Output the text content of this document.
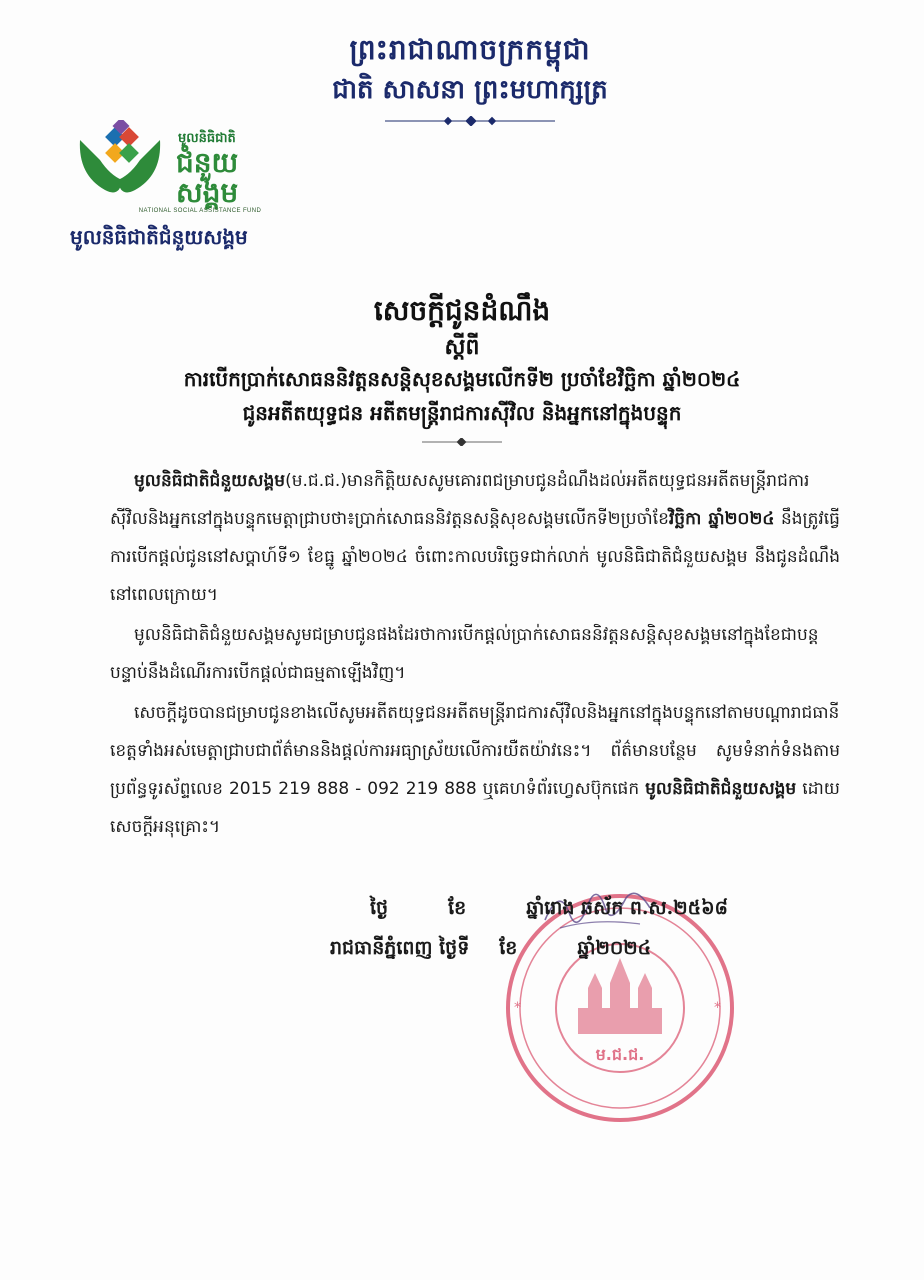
ព្រះរាជាណាចក្រកម្ពុជា
ជាតិ សាសនា ព្រះមហាក្សត្រ
មូលនិធិជាតិ
ជំនួយ
សង្គម
NATIONAL SOCIAL ASSISTANCE FUND
មូលនិធិជាតិជំនួយសង្គម
សេចក្តីជូនដំណឹង
ស្តីពី
ការបើកប្រាក់សោធននិវត្តនសន្តិសុខសង្គមលើកទី២ ប្រចាំខែវិច្ឆិកា ឆ្នាំ២០២៤
ជូនអតីតយុទ្ធជន អតីតមន្ត្រីរាជការស៊ីវិល និងអ្នកនៅក្នុងបន្ទុក

មូលនិធិជាតិជំនួយសង្គម(ម.ជ.ជ.)មានកិត្តិយសសូមគោរពជម្រាបជូនដំណឹងដល់អតីតយុទ្ធជនអតីតមន្ត្រីរាជការស៊ីវិលនិងអ្នកនៅក្នុងបន្ទុកមេត្តាជ្រាបថា៖ប្រាក់សោធននិវត្តនសន្តិសុខសង្គមលើកទី២ប្រចាំខែវិច្ឆិកា ឆ្នាំ២០២៤ នឹងត្រូវធ្វើការបើកផ្តល់ជូននៅសប្តាហ៍ទី១ ខែធ្នូ ឆ្នាំ២០២៤ ចំពោះកាលបរិច្ឆេទជាក់លាក់ មូលនិធិជាតិជំនួយសង្គម នឹងជូនដំណឹងនៅពេលក្រោយ។

មូលនិធិជាតិជំនួយសង្គមសូមជម្រាបជូនផងដែរថាការបើកផ្តល់ប្រាក់សោធននិវត្តនសន្តិសុខសង្គមនៅក្នុងខែជាបន្តបន្ទាប់នឹងដំណើរការបើកផ្តល់ជាធម្មតាឡើងវិញ។

សេចក្តីដូចបានជម្រាបជូនខាងលើសូមអតីតយុទ្ធជនអតីតមន្ត្រីរាជការស៊ីវិលនិងអ្នកនៅក្នុងបន្ទុកនៅតាមបណ្តារាជធានីខេត្តទាំងអស់មេត្តាជ្រាបជាព័ត៌មាននិងផ្តល់ការអធ្យាស្រ័យលើការយឺតយ៉ាវនេះ។ ព័ត៌មានបន្ថែម សូមទំនាក់ទំនងតាមប្រព័ន្ធទូរស័ព្ទលេខ 2015 219 888 - 092 219 888 ឬគេហទំព័រហ្វេសប៊ុកផេក មូលនិធិជាតិជំនួយសង្គម ដោយសេចក្តីអនុគ្រោះ។

ម.ជ.ជ.
*	*
ថ្ងៃ	ខែ	ឆ្នាំរោង ឆស័ក ព.ស.២៥៦៨
រាជធានីភ្នំពេញ ថ្ងៃទី ខែ	ឆ្នាំ២០២៤
